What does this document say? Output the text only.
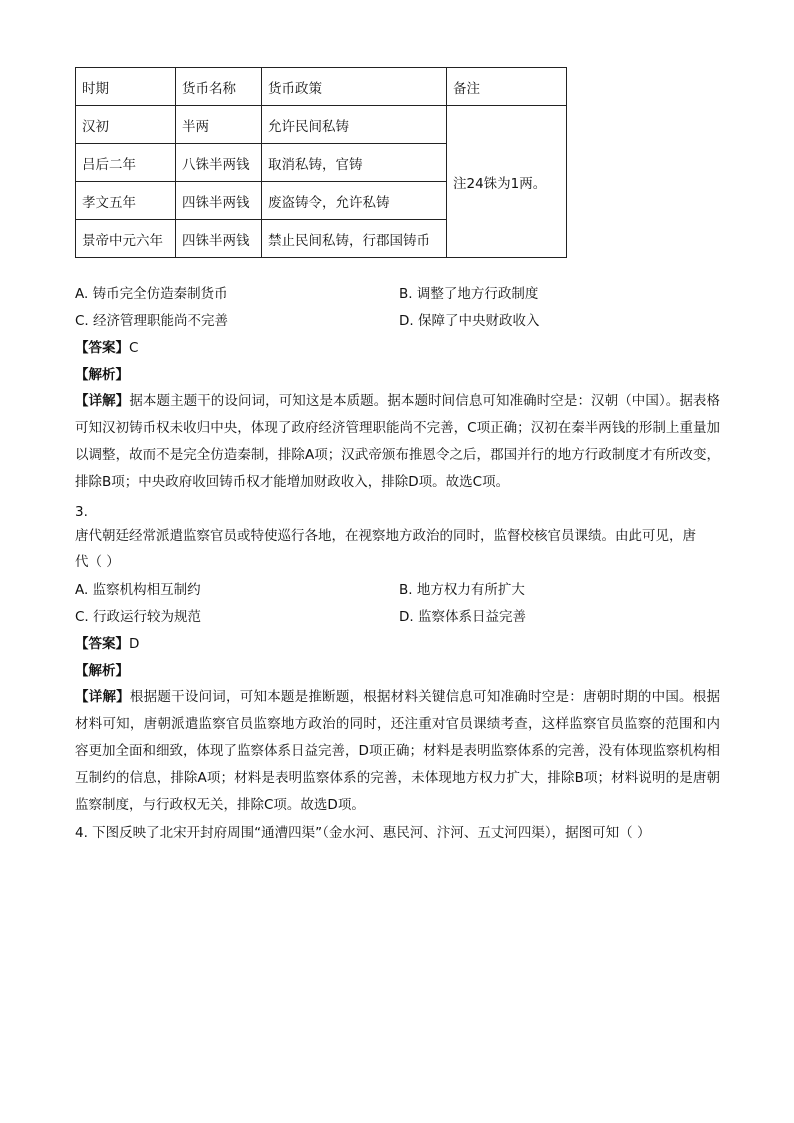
时期	货币名称	货币政策	备注
汉初	半两	允许民间私铸	注24铢为1两。
吕后二年	八铢半两钱	取消私铸，官铸	
孝文五年	四铢半两钱	废盗铸令，允许私铸	
景帝中元六年	四铢半两钱	禁止民间私铸，行郡国铸币	
A. 铸币完全仿造秦制货币	B. 调整了地方行政制度
C. 经济管理职能尚不完善	D. 保障了中央财政收入
【答案】C
【解析】
【详解】据本题主题干的设问词，可知这是本质题。据本题时间信息可知准确时空是：汉朝（中国）。据表格可知汉初铸币权未收归中央，体现了政府经济管理职能尚不完善，C项正确；汉初在秦半两钱的形制上重量加以调整，故而不是完全仿造秦制，排除A项；汉武帝颁布推恩令之后，郡国并行的地方行政制度才有所改变，排除B项；中央政府收回铸币权才能增加财政收入，排除D项。故选C项。
3.
唐代朝廷经常派遣监察官员或特使巡行各地，在视察地方政治的同时，监督校核官员课绩。由此可见，唐
代（ ）
A. 监察机构相互制约	B. 地方权力有所扩大
C. 行政运行较为规范	D. 监察体系日益完善
【答案】D
【解析】
【详解】根据题干设问词，可知本题是推断题，根据材料关键信息可知准确时空是：唐朝时期的中国。根据材料可知，唐朝派遣监察官员监察地方政治的同时，还注重对官员课绩考查，这样监察官员监察的范围和内容更加全面和细致，体现了监察体系日益完善，D项正确；材料是表明监察体系的完善，没有体现监察机构相互制约的信息，排除A项；材料是表明监察体系的完善，未体现地方权力扩大，排除B项；材料说明的是唐朝监察制度，与行政权无关，排除C项。故选D项。
4. 下图反映了北宋开封府周围“通漕四渠”（金水河、惠民河、汴河、五丈河四渠），据图可知（ ）
